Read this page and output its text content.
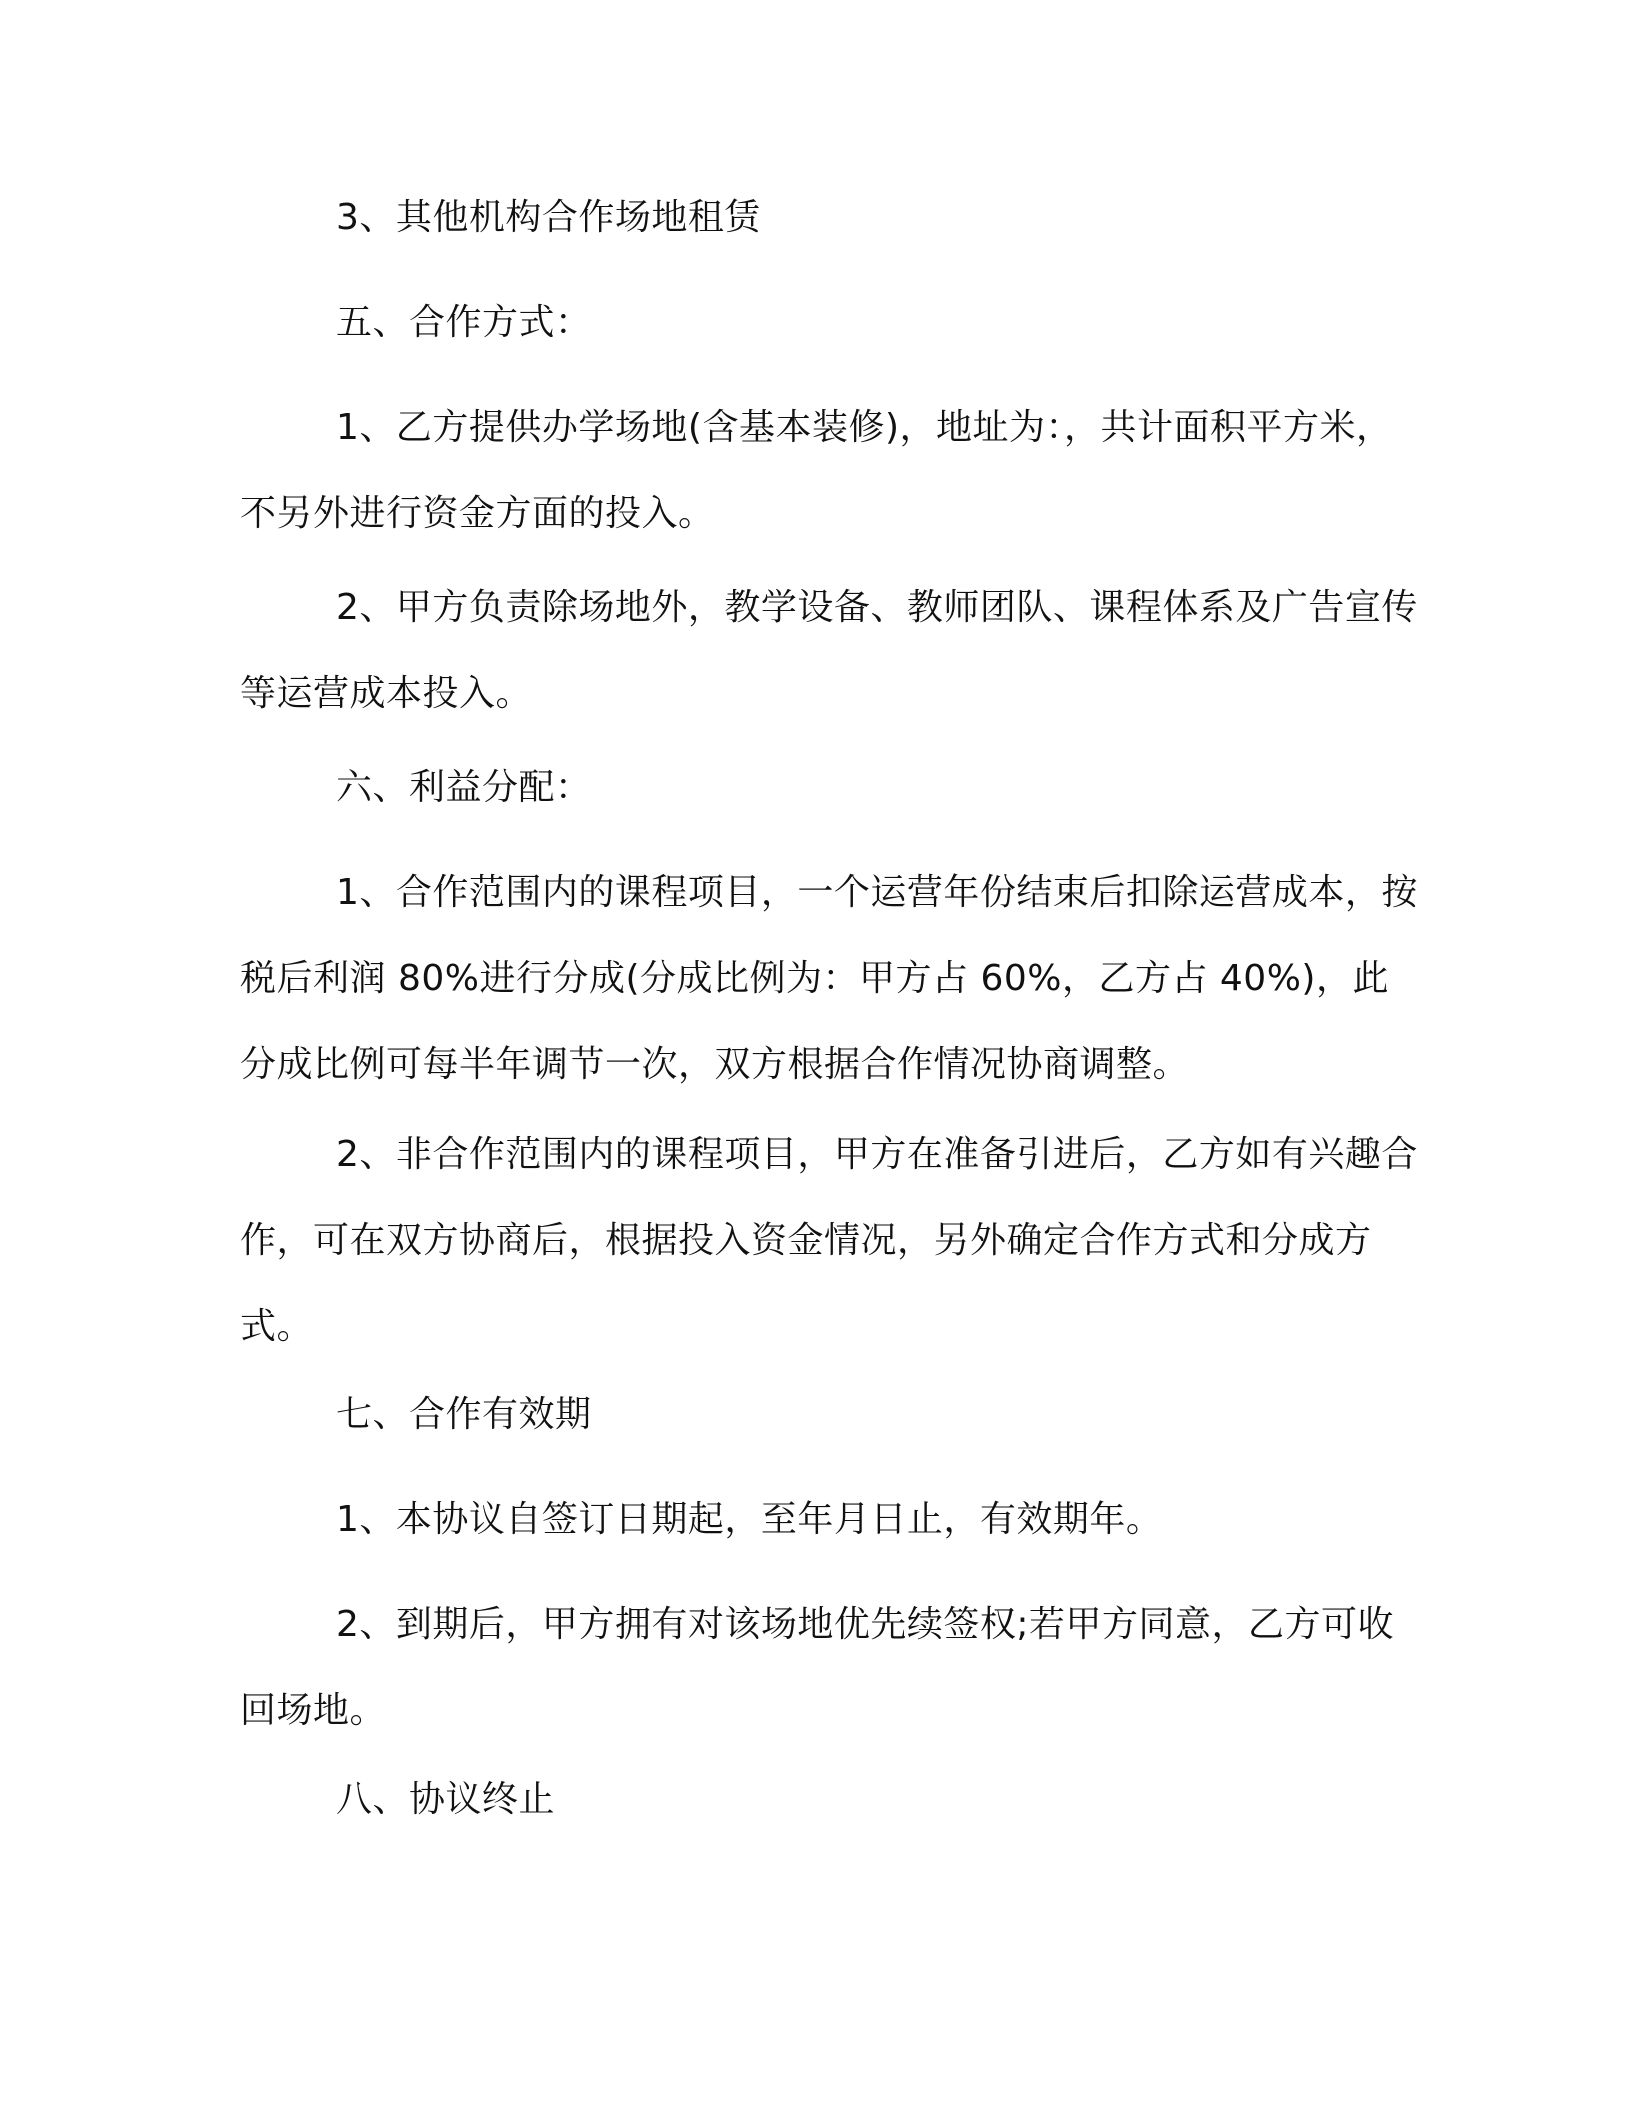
3、其他机构合作场地租赁

五、合作方式：

1、乙方提供办学场地(含基本装修)，地址为：，共计面积平方米，不另外进行资金方面的投入。

2、甲方负责除场地外，教学设备、教师团队、课程体系及广告宣传等运营成本投入。

六、利益分配：

1、合作范围内的课程项目，一个运营年份结束后扣除运营成本，按税后利润 80%进行分成(分成比例为：甲方占 60%，乙方占 40%)，此分成比例可每半年调节一次，双方根据合作情况协商调整。

2、非合作范围内的课程项目，甲方在准备引进后，乙方如有兴趣合作，可在双方协商后，根据投入资金情况，另外确定合作方式和分成方式。

七、合作有效期

1、本协议自签订日期起，至年月日止，有效期年。

2、到期后，甲方拥有对该场地优先续签权;若甲方同意，乙方可收回场地。

八、协议终止
